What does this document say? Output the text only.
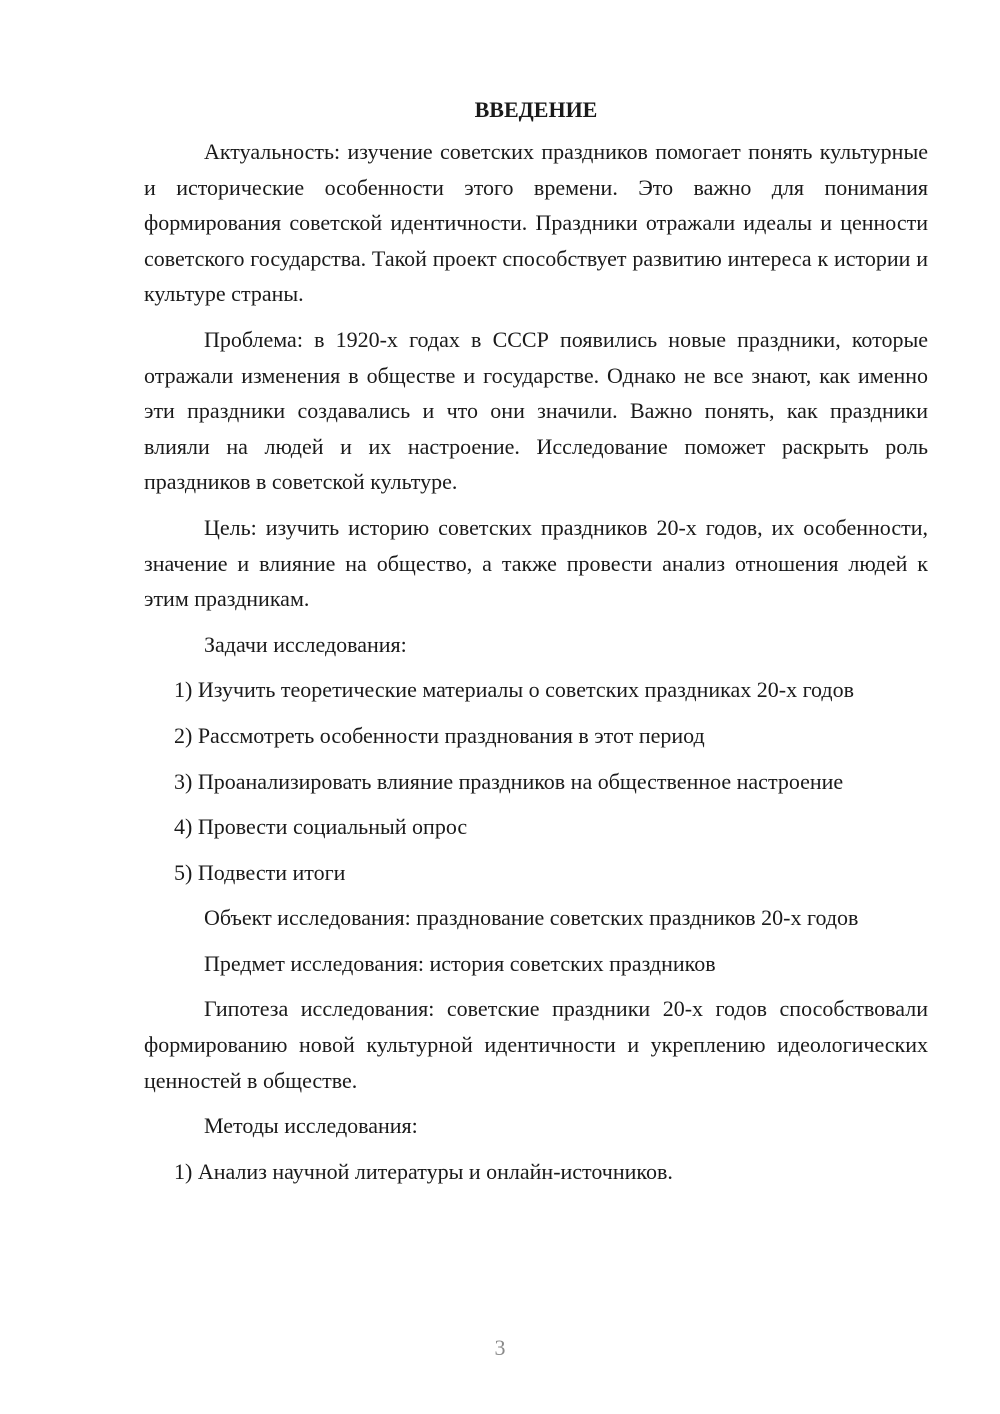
ВВЕДЕНИЕ

Актуальность: изучение советских праздников помогает понять культурные и исторические особенности этого времени. Это важно для понимания формирования советской идентичности. Праздники отражали идеалы и ценности советского государства. Такой проект способствует развитию интереса к истории и культуре страны.

Проблема: в 1920-х годах в СССР появились новые праздники, которые отражали изменения в обществе и государстве. Однако не все знают, как именно эти праздники создавались и что они значили. Важно понять, как праздники влияли на людей и их настроение. Исследование поможет раскрыть роль праздников в советской культуре.

Цель: изучить историю советских праздников 20-х годов, их особенности, значение и влияние на общество, а также провести анализ отношения людей к этим праздникам.

Задачи исследования:

1) Изучить теоретические материалы о советских праздниках 20-х годов

2) Рассмотреть особенности празднования в этот период

3) Проанализировать влияние праздников на общественное настроение

4) Провести социальный опрос

5) Подвести итоги

Объект исследования: празднование советских праздников 20-х годов

Предмет исследования: история советских праздников

Гипотеза исследования: советские праздники 20-х годов способствовали формированию новой культурной идентичности и укреплению идеологических ценностей в обществе.

Методы исследования:

1) Анализ научной литературы и онлайн-источников.

3
